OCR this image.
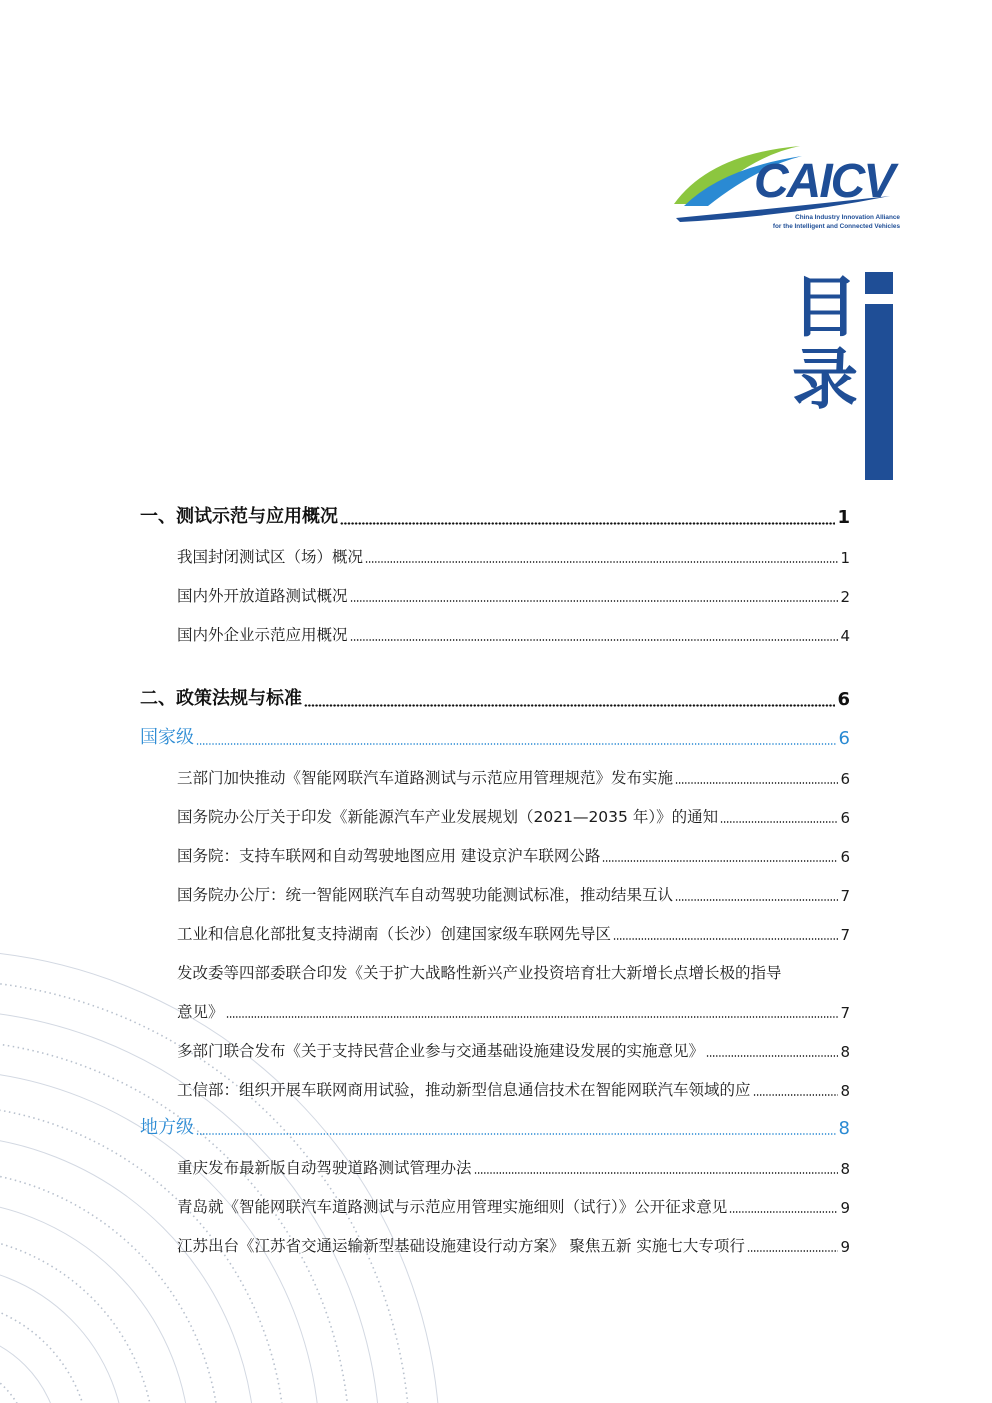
CAICV
China Industry Innovation Alliance
for the Intelligent and Connected Vehicles
目
录
一、测试示范与应用概况	1
我国封闭测试区（场）概况	1
国内外开放道路测试概况	2
国内外企业示范应用概况	4
二、政策法规与标准	6
国家级	6
三部门加快推动《智能网联汽车道路测试与示范应用管理规范》发布实施	6
国务院办公厅关于印发《新能源汽车产业发展规划（2021—2035 年）》的通知	6
国务院：支持车联网和自动驾驶地图应用 建设京沪车联网公路	6
国务院办公厅：统一智能网联汽车自动驾驶功能测试标准，推动结果互认	7
工业和信息化部批复支持湖南（长沙）创建国家级车联网先导区	7
发改委等四部委联合印发《关于扩大战略性新兴产业投资培育壮大新增长点增长极的指导
意见》	7
多部门联合发布《关于支持民营企业参与交通基础设施建设发展的实施意见》	8
工信部：组织开展车联网商用试验，推动新型信息通信技术在智能网联汽车领域的应	8
地方级	8
重庆发布最新版自动驾驶道路测试管理办法	8
青岛就《智能网联汽车道路测试与示范应用管理实施细则（试行）》公开征求意见	9
江苏出台《江苏省交通运输新型基础设施建设行动方案》 聚焦五新 实施七大专项行	9
